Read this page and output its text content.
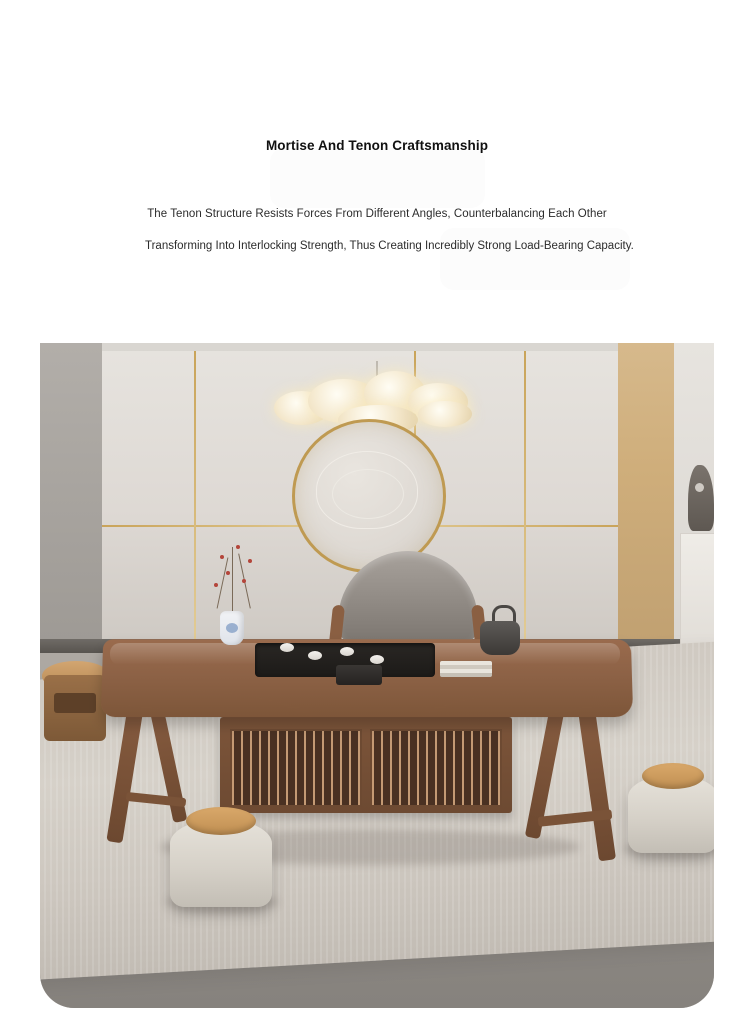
Mortise And Tenon Craftsmanship
The Tenon Structure Resists Forces From Different Angles, Counterbalancing Each Other
Transforming Into Interlocking Strength, Thus Creating Incredibly Strong Load-Bearing Capacity.
